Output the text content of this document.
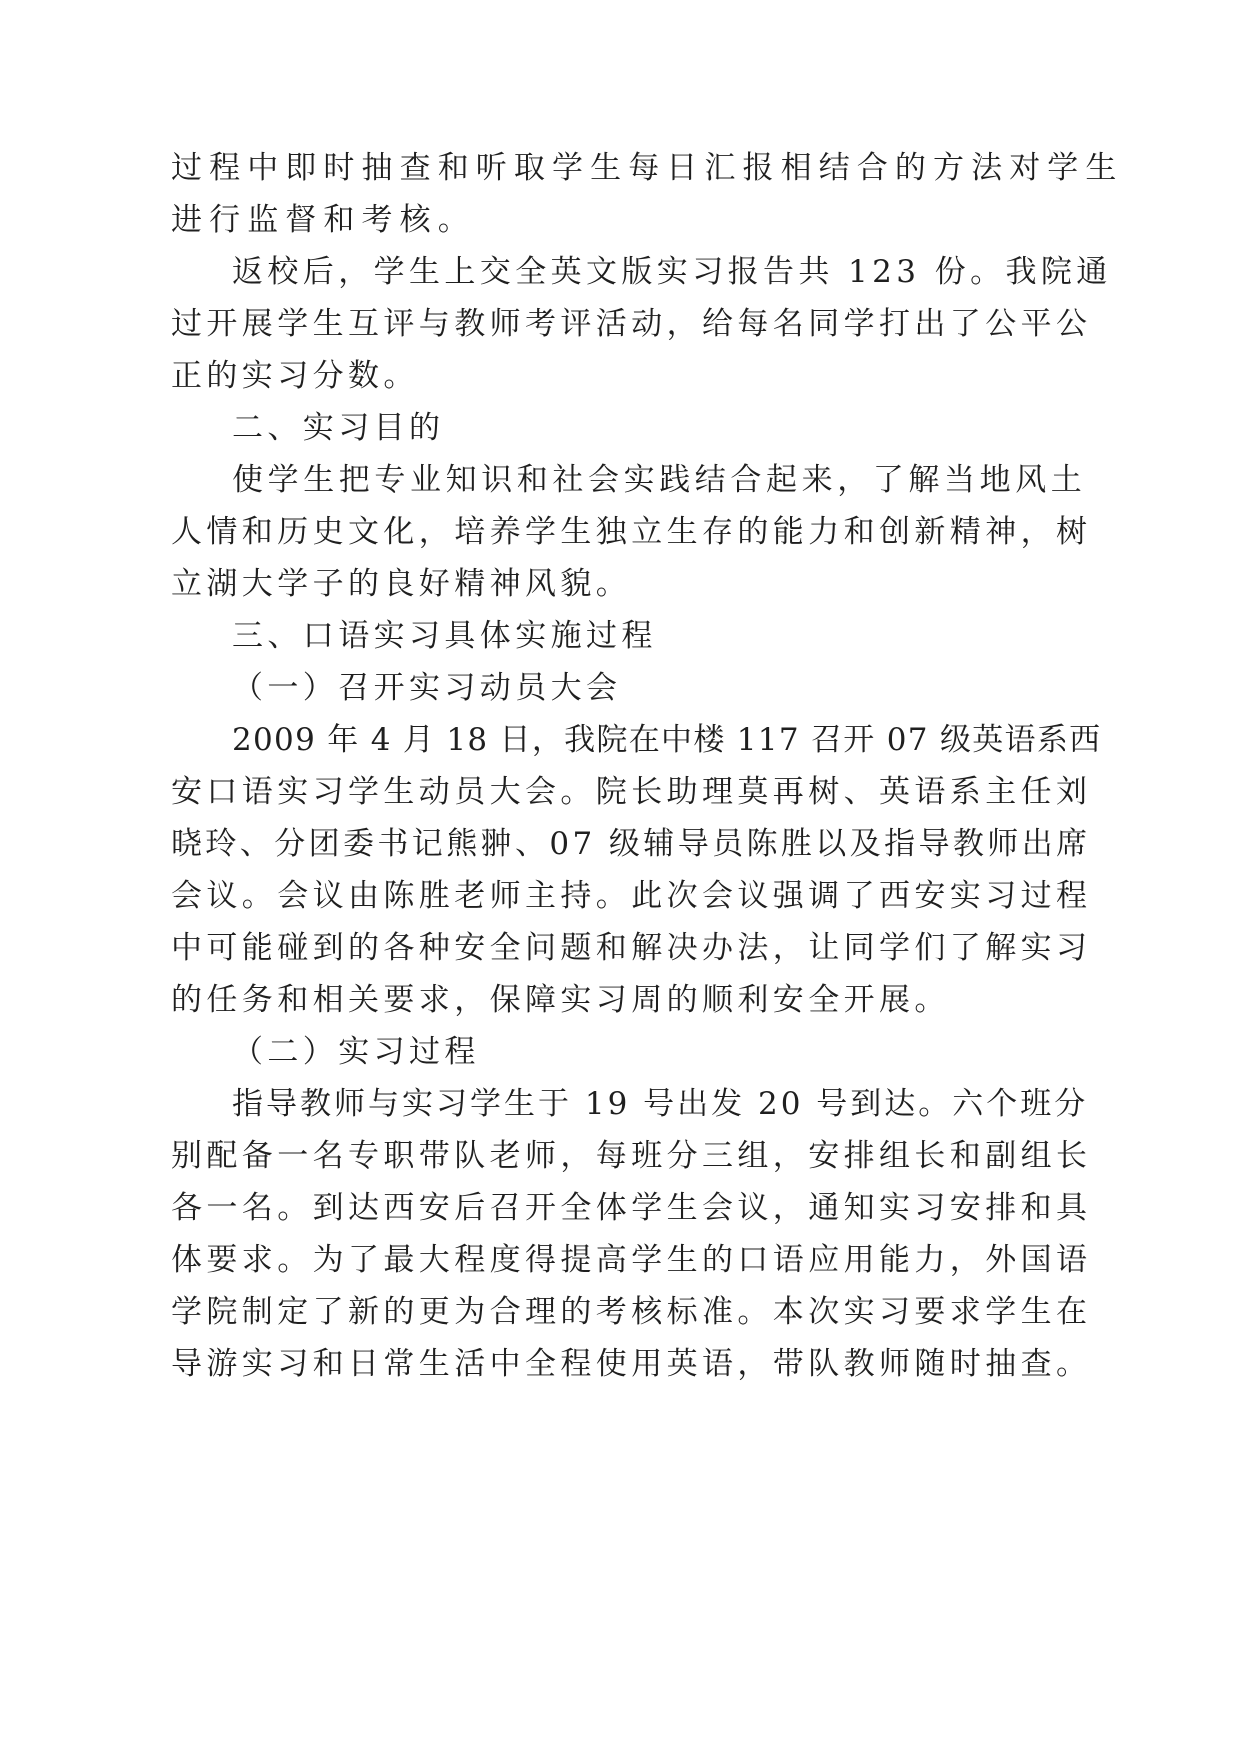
过程中即时抽查和听取学生每日汇报相结合的方法对学生

进行监督和考核。

返校后，学生上交全英文版实习报告共 123 份。我院通

过开展学生互评与教师考评活动，给每名同学打出了公平公

正的实习分数。

二、实习目的

使学生把专业知识和社会实践结合起来，了解当地风土

人情和历史文化，培养学生独立生存的能力和创新精神，树

立湖大学子的良好精神风貌。

三、口语实习具体实施过程

（一）召开实习动员大会

2009 年 4 月 18 日，我院在中楼 117 召开 07 级英语系西

安口语实习学生动员大会。院长助理莫再树、英语系主任刘

晓玲、分团委书记熊翀、07 级辅导员陈胜以及指导教师出席

会议。会议由陈胜老师主持。此次会议强调了西安实习过程

中可能碰到的各种安全问题和解决办法，让同学们了解实习

的任务和相关要求，保障实习周的顺利安全开展。

（二）实习过程

指导教师与实习学生于 19 号出发 20 号到达。六个班分

别配备一名专职带队老师，每班分三组，安排组长和副组长

各一名。到达西安后召开全体学生会议，通知实习安排和具

体要求。为了最大程度得提高学生的口语应用能力，外国语

学院制定了新的更为合理的考核标准。本次实习要求学生在

导游实习和日常生活中全程使用英语，带队教师随时抽查。
